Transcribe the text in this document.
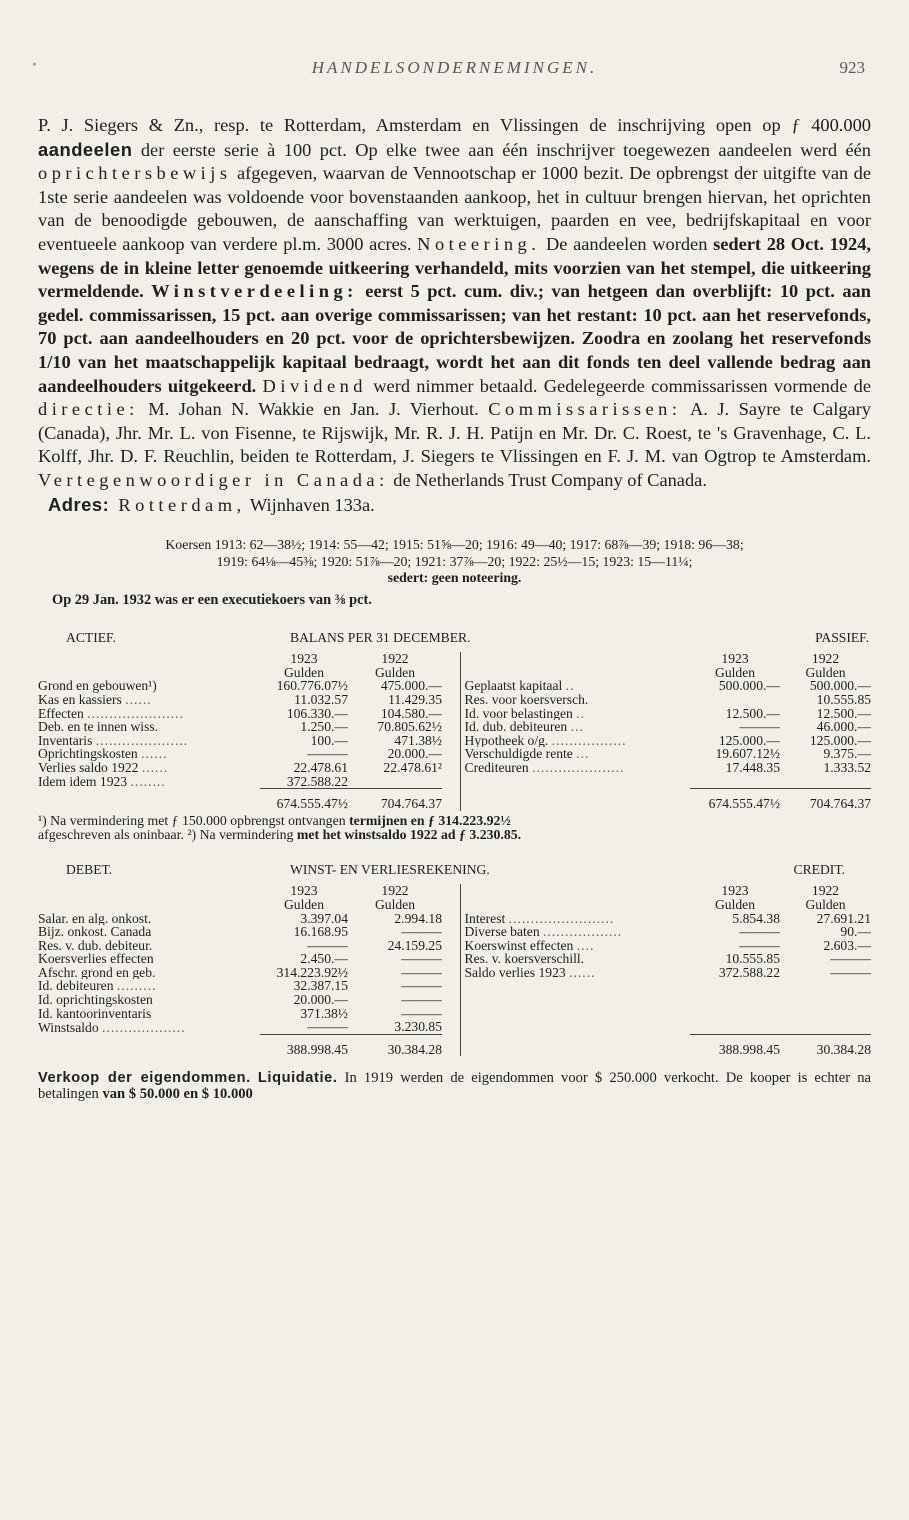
•	HANDELSONDERNEMINGEN.	923
P. J. Siegers & Zn., resp. te Rotterdam, Amsterdam en Vlissingen de inschrijving open op ƒ 400.000 aandeelen der eerste serie à 100 pct. Op elke twee aan één inschrijver toegewezen aandeelen werd één oprichtersbewijs afgegeven, waarvan de Vennootschap er 1000 bezit. De opbrengst der uitgifte van de 1ste serie aandeelen was voldoende voor bovenstaanden aankoop, het in cultuur brengen hiervan, het oprichten van de benoodigde gebouwen, de aanschaffing van werktuigen, paarden en vee, bedrijfskapitaal en voor eventueele aankoop van verdere pl.m. 3000 acres. Noteering. De aandeelen worden sedert 28 Oct. 1924, wegens de in kleine letter genoemde uitkeering verhandeld, mits voorzien van het stempel, die uitkeering vermeldende. Winstverdeeling: eerst 5 pct. cum. div.; van hetgeen dan overblijft: 10 pct. aan gedel. commissarissen, 15 pct. aan overige commissarissen; van het restant: 10 pct. aan het reservefonds, 70 pct. aan aandeelhouders en 20 pct. voor de oprichtersbewijzen. Zoodra en zoolang het reservefonds 1/10 van het maatschappelijk kapitaal bedraagt, wordt het aan dit fonds ten deel vallende bedrag aan aandeelhouders uitgekeerd. Dividend werd nimmer betaald. Gedelegeerde commissarissen vormende de directie: M. Johan N. Wakkie en Jan. J. Vierhout. Commissarissen: A. J. Sayre te Calgary (Canada), Jhr. Mr. L. von Fisenne, te Rijswijk, Mr. R. J. H. Patijn en Mr. Dr. C. Roest, te 's Gravenhage, C. L. Kolff, Jhr. D. F. Reuchlin, beiden te Rotterdam, J. Siegers te Vlissingen en F. J. M. van Ogtrop te Amsterdam. Vertegenwoordiger in Canada: de Netherlands Trust Company of Canada.
Adres: Rotterdam, Wijnhaven 133a.
Koersen 1913: 62—38½; 1914: 55—42; 1915: 51⅝—20; 1916: 49—40; 1917: 68⅞—39; 1918: 96—38;
1919: 64⅛—45⅜; 1920: 51⅞—20; 1921: 37⅞—20; 1922: 25½—15; 1923: 15—11¼;
sedert: geen noteering.
Op 29 Jan. 1932 was er een executiekoers van ⅜ pct.
ACTIEF.	BALANS PER 31 DECEMBER.				PASSIEF.	
	1923	1922			1923	1922
	Gulden	Gulden			Gulden	Gulden
Grond en gebouwen¹)	160.776.07½	475.000.—		Geplaatst kapitaal ..	500.000.—	500.000.—
Kas en kassiers ......	11.032.57	11.429.35		Res. voor koersversch.		10.555.85
Effecten ......................	106.330.—	104.580.—		Id. voor belastingen ..	12.500.—	12.500.—
Deb. en te innen wiss.	1.250.—	70.805.62½		Id. dub. debiteuren ...	———	46.000.—
Inventaris .....................	100.—	471.38½		Hypotheek o/g. .................	125.000.—	125.000.—
Oprichtingskosten ......	———	20.000.—		Verschuldigde rente ...	19.607.12½	9.375.—
Verlies saldo 1922 ......	22.478.61	22.478.61²		Crediteuren .....................	17.448.35	1.333.52
Idem idem 1923 ........	372.588.22					
	674.555.47½	704.764.37			674.555.47½	704.764.37
¹) Na vermindering met ƒ 150.000 opbrengst ontvangen termijnen en ƒ 314.223.92½
afgeschreven als oninbaar. ²) Na vermindering met het winstsaldo 1922 ad ƒ 3.230.85.
DEBET.	WINST- EN VERLIESREKENING.				CREDIT.	
	1923	1922			1923	1922
	Gulden	Gulden			Gulden	Gulden
Salar. en alg. onkost.	3.397.04	2.994.18		Interest ........................	5.854.38	27.691.21
Bijz. onkost. Canada	16.168.95	———		Diverse baten ..................	———	90.—
Res. v. dub. debiteur.	———	24.159.25		Koerswinst effecten ....	———	2.603.—
Koersverlies effecten	2.450.—	———		Res. v. koersverschill.	10.555.85	———
Afschr. grond en geb.	314.223.92½	———		Saldo verlies 1923 ......	372.588.22	———
Id. debiteuren .........	32.387.15	———				
Id. oprichtingskosten	20.000.—	———				
Id. kantoorinventaris	371.38½	———				
Winstsaldo ...................	———	3.230.85				
	388.998.45	30.384.28			388.998.45	30.384.28
Verkoop der eigendommen. Liquidatie. In 1919 werden de eigendommen voor $ 250.000 verkocht. De kooper is echter na betalingen van $ 50.000 en $ 10.000
